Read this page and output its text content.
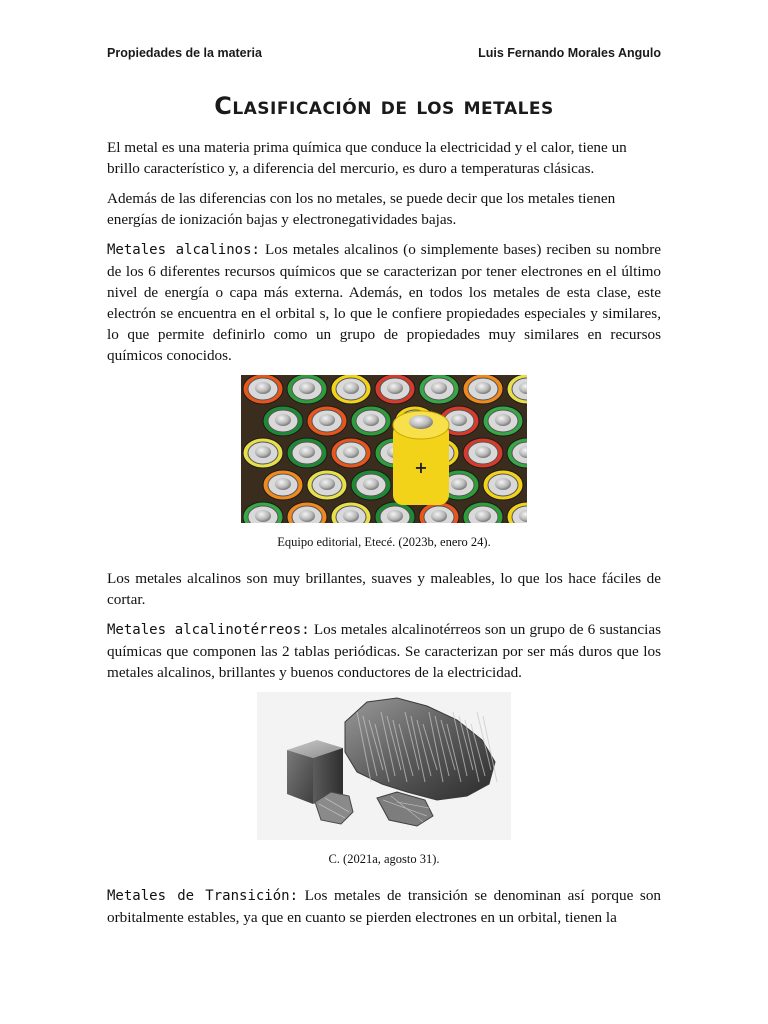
Propiedades de la materia	Luis Fernando Morales Angulo
Clasificación de los metales

El metal es una materia prima química que conduce la electricidad y el calor, tiene un brillo característico y, a diferencia del mercurio, es duro a temperaturas clásicas.

Además de las diferencias con los no metales, se puede decir que los metales tienen energías de ionización bajas y electronegatividades bajas.

Metales alcalinos: Los metales alcalinos (o simplemente bases) reciben su nombre de los 6 diferentes recursos químicos que se caracterizan por tener electrones en el último nivel de energía o capa más externa. Además, en todos los metales de esta clase, este electrón se encuentra en el orbital s, lo que le confiere propiedades especiales y similares, lo que permite definirlo como un grupo de propiedades muy similares en recursos químicos conocidos.

+
Equipo editorial, Etecé. (2023b, enero 24).

Los metales alcalinos son muy brillantes, suaves y maleables, lo que los hace fáciles de cortar.

Metales alcalinotérreos: Los metales alcalinotérreos son un grupo de 6 sustancias químicas que componen las 2 tablas periódicas. Se caracterizan por ser más duros que los metales alcalinos, brillantes y buenos conductores de la electricidad.

C. (2021a, agosto 31).

Metales de Transición: Los metales de transición se denominan así porque son orbitalmente estables, ya que en cuanto se pierden electrones en un orbital, tienen la
